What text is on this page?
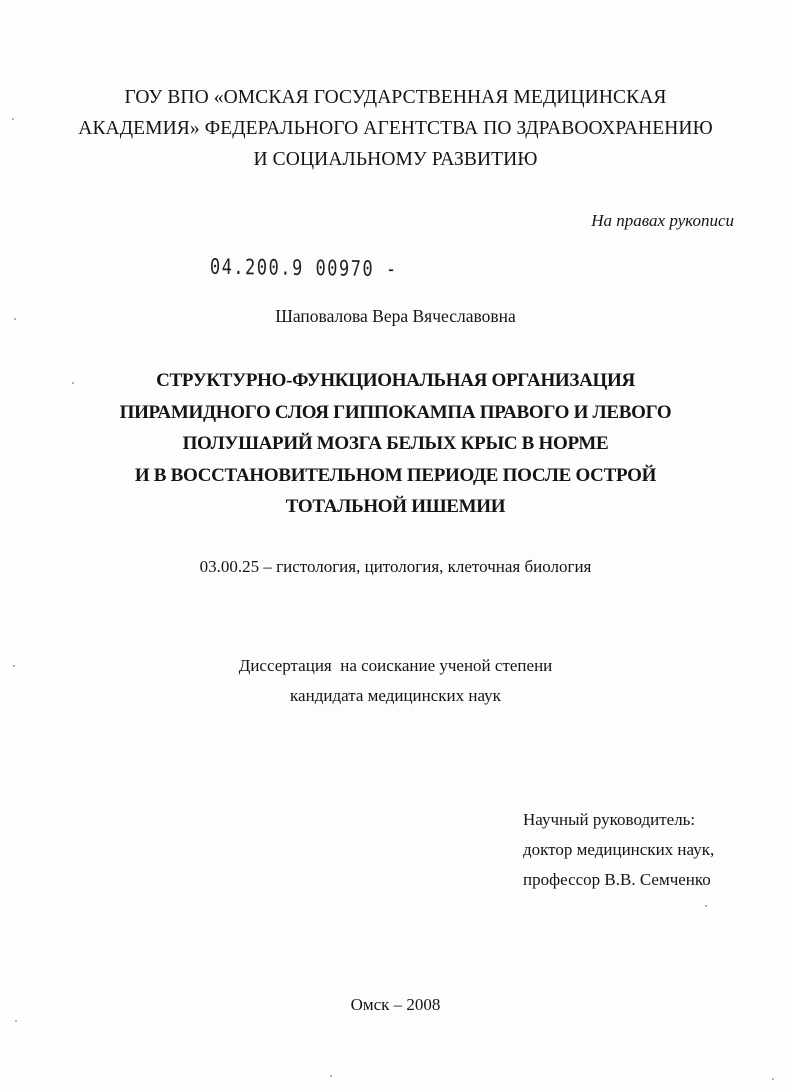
ГОУ ВПО «ОМСКАЯ ГОСУДАРСТВЕННАЯ МЕДИЦИНСКАЯ
АКАДЕМИЯ» ФЕДЕРАЛЬНОГО АГЕНТСТВА ПО ЗДРАВООХРАНЕНИЮ
И СОЦИАЛЬНОМУ РАЗВИТИЮ
На правах рукописи
04.200.9 00970 -
Шаповалова Вера Вячеславовна
СТРУКТУРНО-ФУНКЦИОНАЛЬНАЯ ОРГАНИЗАЦИЯ
ПИРАМИДНОГО СЛОЯ ГИППОКАМПА ПРАВОГО И ЛЕВОГО
ПОЛУШАРИЙ МОЗГА БЕЛЫХ КРЫС В НОРМЕ
И В ВОССТАНОВИТЕЛЬНОМ ПЕРИОДЕ ПОСЛЕ ОСТРОЙ
ТОТАЛЬНОЙ ИШЕМИИ
03.00.25 – гистология, цитология, клеточная биология
Диссертация  на соискание ученой степени
кандидата медицинских наук
Научный руководитель:
доктор медицинских наук,
профессор В.В. Семченко
Омск – 2008
